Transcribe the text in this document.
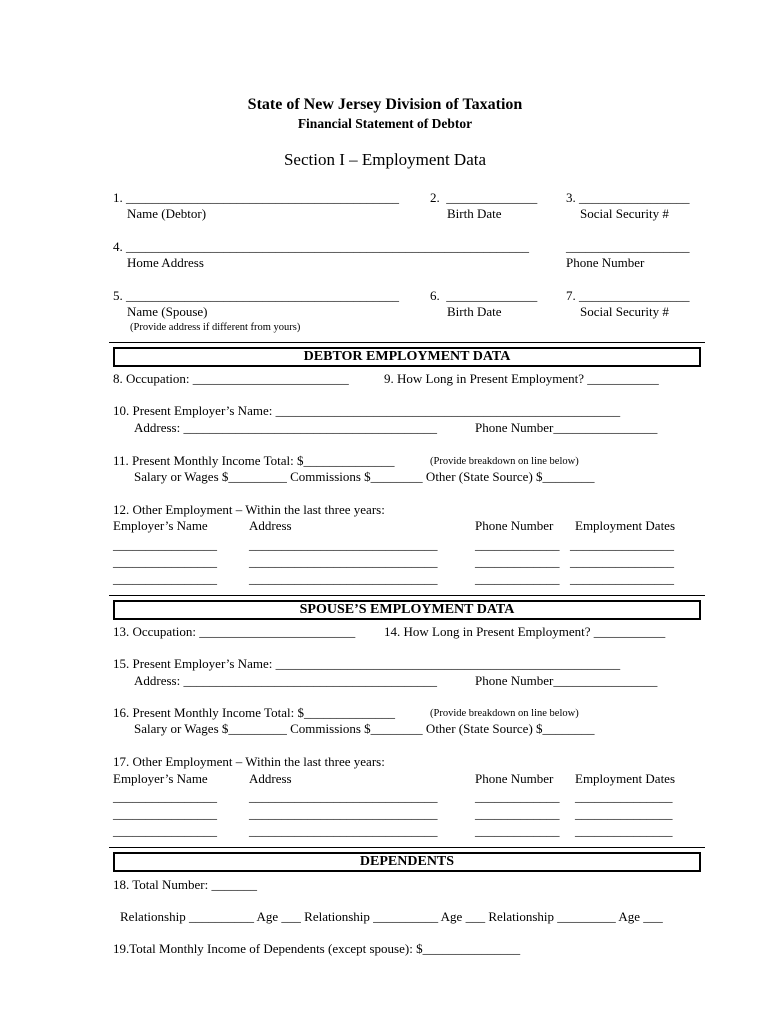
State of New Jersey Division of Taxation
Financial Statement of Debtor
Section I – Employment Data
1. __________________________________________
Name (Debtor)
2.  ______________
Birth Date
3. _________________
Social Security #
4. ______________________________________________________________
Home Address
___________________
Phone Number
5. __________________________________________
Name (Spouse)
(Provide address if different from yours)
6.  ______________
Birth Date
7. _________________
Social Security #
DEBTOR EMPLOYMENT DATA
8. Occupation: ________________________	9. How Long in Present Employment? ___________
10. Present Employer’s Name: _____________________________________________________
Address: _______________________________________	Phone Number________________
11. Present Monthly Income Total: $______________	(Provide breakdown on line below)
Salary or Wages $_________ Commissions $________ Other (State Source) $________
12. Other Employment – Within the last three years:
Employer’s Name	Address	Phone Number Employment Dates
________________ _____________________________	_____________ ________________
________________ _____________________________	_____________ ________________
________________ _____________________________	_____________ ________________
SPOUSE’S EMPLOYMENT DATA
13. Occupation: ________________________ 14. How Long in Present Employment? ___________
15. Present Employer’s Name: _____________________________________________________
Address: _______________________________________	Phone Number________________
16. Present Monthly Income Total: $______________	(Provide breakdown on line below)
Salary or Wages $_________ Commissions $________ Other (State Source) $________
17. Other Employment – Within the last three years:
Employer’s Name	Address	Phone Number Employment Dates
________________ _____________________________	_____________ _______________
________________ _____________________________	_____________ _______________
________________ _____________________________	_____________ _______________
DEPENDENTS
18. Total Number: _______
Relationship __________ Age ___ Relationship __________ Age ___ Relationship _________ Age ___
19.Total Monthly Income of Dependents (except spouse): $_______________
